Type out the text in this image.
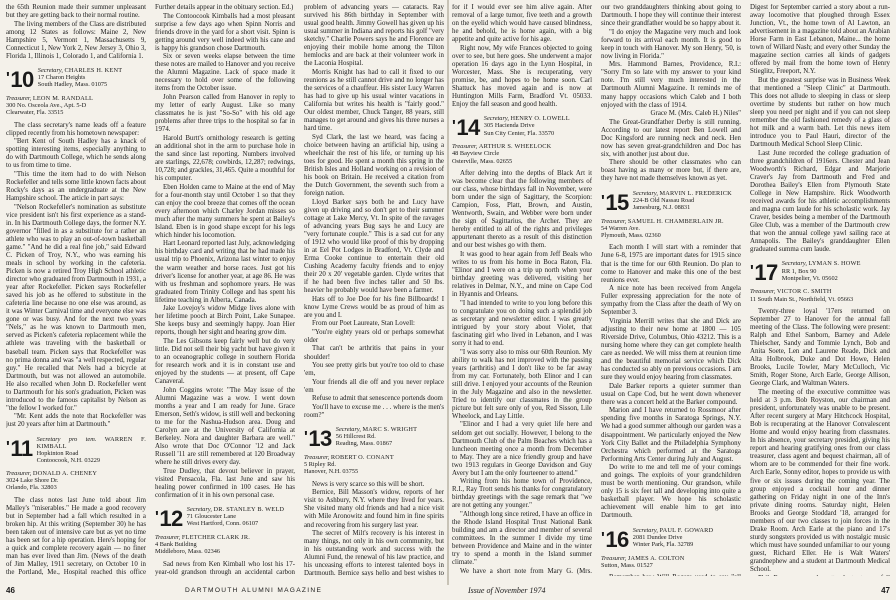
the 65th Reunion made their summer unpleasant but they are getting back to their normal routine.

The living members of the Class are distributed among 12 States as follows: Maine 2, New Hampshire 5, Vermont 1, Massachusetts 9, Connecticut 1, New York 2, New Jersey 3, Ohio 3, Florida 1, Illinois 1, Colorado 1, and California 1.

'10 Secretary, CHARLES H. KENT
17 Charon Heights
South Hadley, Mass. 01075
Treasurer, LEON M. RANDALL
300 No. Osceola Ave., Apt. 5-D
Clearwater, Fla. 33515

The class secretary's name leads off a feature clipped recently from his hometown newspaper:

"Bert Kent of South Hadley has a knack of spotting interesting items, especially anything to do with Dartmouth College, which he sends along to us from time to time.

"This time the item had to do with Nelson Rockefeller and tells some little known facts about Rocky's days as an undergraduate at the New Hampshire school. The article in part says:

"Nelson Rockefeller's nomination as substitute vice president isn't his first experience as a stand-in. In his Dartmouth College days, the former N.Y. governor "filled in as a substitute for a rather an athlete who was to play an out-of-town basketball game." "And he did a real fine job," said Edward C. Picken of Troy, N.Y., who was earning his meals in school by working in the cafeteria. Picken is now a retired Troy High School athletic director who graduated from Dartmouth in 1931, a year after Rockefeller. Picken says Rockefeller saved his job as he offered to substitute in the cafeteria line because no one else was around, as it was Winter Carnival time and everyone else was gone or was busy. And for the next two years "Nels," as he was known to Dartmouth men, served as Picken's cafeteria replacement while the athlete was traveling with the basketball or baseball team. Picken says that Rockefeller was no prima donna and was "a well respected, regular guy." He recalled that Nels had a bicycle at Dartmouth, but was not allowed an automobile. He also recalled when John D. Rockefeller went to Dartmouth for his son's graduation, Picken was introduced to the famous capitalist by Nelson as "the fellow I worked for."

"Mr. Kent adds the note that Rockefeller was just 20 years after him at Dartmouth."

'11 Secretary pro tem. WARREN F. KIMBALL
Hopkinton Road
Contoocook, N.H. 03229
Treasurer, DONALD A. CHENEY
3024 Lake Shore Dr.
Orlando, Fla. 32803

The class notes last June told about Jim Malley's "miserables." He made a good recovery but in September had a fall which resulted in a broken hip. At this writing (September 30) he has been taken out of intensive care but as yet no time has been set for a hip operation. Here's hoping for a quick and complete recovery again — no finer man has ever lived than Jim. (News of the death of Jim Malley, 1911 secretary, on October 10 in the Portland, Me., Hospital reached this office

Further details appear in the obituary section. Ed.)

The Contoocook Kimballs had a most pleasant surprise a few days ago when Spinn Norris and friends drove in the yard for a short visit. Spinn is getting around very well indeed with his cane and is happy his grandson chose Dartmouth.

Six or seven weeks elapse between the time these notes are mailed to Hanover and you receive the Alumni Magazine. Lack of space made it necessary to hold over some of the following items from the October issue.

John Pearson called from Hanover in reply to my letter of early August. Like so many classmates he is just "So-So" with his old age problems after three trips to the hospital so far in 1974.

Harold Burtt's ornithology research is getting an additional shot in the arm to purchase hole in the sand since last reporting. Numbers involved are starlings, 22,678; cowbirds, 12,287; redwings, 10,728; and grackles, 31,465. Quite a mouthful for his computer.

Eben Holden came to Maine at the end of May for a four-month stay until October 1 so that they can enjoy the cool breeze that comes off the ocean every afternoon which Charley Jordan misses so much after the many summers he spent at Bailey's Island. Eben is in good shape except for his legs which hinder his locomotion.

Hart Leonard reported last July, acknowledging his birthday card and writing that he had made his usual trip to Phoenix, Arizona last winter to enjoy the warm weather and horse races. Just got his driver's license for another year, at age 86. He was with us freshman and sophomore years. He was graduated from Trinity College and has spent his lifetime teaching in Alberta, Canada.

Jake Lovejoy's widow Midge lives alone with her lifetime pooch at Birch Point, Lake Sunapee. She keeps busy and seemingly happy. Joan Hier reports, though her sight and hearing grow dim.

The Les Gibsons keep fairly well but do very little. Did not sell their big yacht but have given it to an oceanographic college in southern Florida for research work and it is in constant use and enjoyed by the students — at present, off Cape Canaveral.

John Coggins wrote: "The May issue of the Alumni Magazine was a wow. I went down months a year and I am ready for June. Grace Emerson, Seth's widow, is still well and beckoning to me for the Nashua-Hudson area. Doug and Carolyn are at the University of California at Berkeley. Nora and daughter Barbara are well." Also wrote that Doc O'Connor '12 and Jack Russell '11 are still remembered at 120 Broadway where he still drives every day.

True Dudley, that devout believer in prayer, visited Pensacola, Fla. last June and saw his healing power confirmed in 100 cases. He has confirmation of it in his own personal case.

'12 Secretary, DR. STANLEY B. WELD
71 Gloucester Lane
West Hartford, Conn. 06107
Treasurer, FLETCHER CLARK JR.
4 Bank Building
Middleboro, Mass. 02346

Sad news from Ken Kimball who lost his 17-year-old grandson through an accidental carbon

problem of advancing years — cataracts. Ray survived his 86th birthday in September with usual good health. Jimmy Gowell has given up his usual summer in Indiana and reports his golf "very sketchy." Charlie Powers says he and Florence are enjoying their mobile home among the Tilton hemlocks and are back at their volunteer work in the Laconia Hospital.

Morris Knight has had to call it fixed to our reunions as he still cannot drive and no longer has the services of a chauffeur. His sister Lucy Warren has had to give up his usual winter vacations in California but writes his health is "fairly good." Our oldest member, Chuck Tanger, 88 years, still manages to get around and gives his three nurses a hard time.

Syd Clark, the last we heard, was facing a choice between having an artificial hip, using a wheelchair the rest of his life, or turning up his toes for good. He spent a month this spring in the British Isles and Holland working on a revision of his book on Britain. He received a citation from the Dutch Government, the seventh such from a foreign nation.

Lloyd Barker says both he and Lucy have given up driving and so don't get to their summer cottage at Lake Mercy, Vt. In spite of the ravages of advancing years Bug says he and Lucy are "very fortunate couple." This is a sad cut for any of 1912 who would like proof of this by dropping in at Eel Pot Lodges in Bradford, Vt. Clyde and Erma Cooke continue to entertain their old Cushing Academy faculty friends and to enjoy their 20 x 20' vegetable garden. Clyde writes that if he had been five inches taller and 50 lbs. heavier he probably would have been a farmer.

Hats off to Joe Doe for his fine Billboards! I know Lyme Crews would be as proud of him as are you and I.

From our Poet Laureate, Stan Lovell:

"You're eighty years old or perhaps somewhat older

That can't be arthritis that pains in your shoulder!

You see pretty girls but you're too old to chase 'em,

Your friends all die off and you never replace 'em

Refuse to admit that senescence portends doom

You'll have to excuse me . . . where is the men's room?"

'13 Secretary, MARC S. WRIGHT
56 Hillcrest Rd.
Reading, Mass. 01867
Treasurer, ROBERT O. CONANT
5 Ripley Rd.
Hanover, N.H. 03755

News is very scarce so this will be short.

Bernice, Bill Masson's widow, reports of her visit to Ashbury, N.Y. where they lived for years. She visited many old friends and had a nice visit with Mile Aronowitz and found him in fine spirits and recovering from his surgery last year.

The secret of Milt's recovery is his interest in many things, not only in his own community, but in his outstanding work and success with the Alumni Fund, the renewal of his law practice, and his unceasing efforts to interest talented boys in Dartmouth. Bernice says hello and best wishes to

for if I would ever see him alive again. After removal of a large tumor, five teeth and a growth on the eyelid which would have caused blindness, he and behold, he is home again, with a big appetite and quite active for his age.

Right now, My wife Frances objected to going over to see, but here goes. She underwent a major operation 16 days ago in the Lynn Hospital, in Worcester, Mass. She is recuperating, very promise, be, and hopes to be home soon. Carl Shattuck has moved again and is now at Huntington Mills Farm, Bradford Vt. 05033. Enjoy the fall season and good health.

'14 Secretary, HENRY O. LOWELL
305 Hacienda Drive
Sun City Center, Fla. 33570
Treasurer, ARTHUR S. WHEELOCK
48 Bayview Circle
Osterville, Mass. 02655

After delving into the depths of Black Art it was become clear that the following members of our class, whose birthdays fall in November, were born under the sign of Sagittary, the Scorpion: Campion, Foss, Platt, Brown, and Austin, Wentworth, Swain, and Webber were born under the sign of Sagittarius, the Archer. They are hereby entitled to all of the rights and privileges appurtenant thereto as a result of this distinction and our best wishes go with them.

It was good to hear again from Jeff Beals who writes to us from his home in Boca Raton, Fla. "Elinor and I were on a trip up north when your birthday greeting was delivered, visiting her relatives in Delmar, N.Y., and mine on Cape Cod in Hyannis and Orleans.

"I had intended to write to you long before this to congratulate you on doing such a splendid job as secretary and newsletter editor. I was greatly intrigued by your story about Violet, that fascinating girl who lived in Lebanon, and I was sorry it had to end.

"I was sorry also to miss our 60th Reunion. My ability to walk has not improved with the passing years (arthritis) and I don't like to be far away from my car. Fortunately, both Elinor and I can still drive. I enjoyed your accounts of the Reunion in the July Magazine and also in the newsletter. Tried to identify our classmates in the group picture but felt sure only of you, Red Sisson, Lile Wheelock, and Lay Little.

"Elinor and I had a very quiet life here and seldom get out socially. However, I belong to the Dartmouth Club of the Palm Beaches which has a luncheon meeting once a month from December to May. They are a nice friendly group and have two 1913 regulars in George Davidson and Guy Avery but I am the only fourteener to attend."

Writing from his home town of Providence, R.I., Ray Trott sends his thanks for congratulatory birthday greetings with the sage remark that "we are not getting any younger."

"Although long since retired, I have an office in the Rhode Island Hospital Trust National Bank building and am a director and member of several committees. In the summer I divide my time between Providence and Maine and in the winter try to spend a month in the Island summer climate."

We have a short note from Mary G. (Mrs.

our two granddaughters thinking about going to Dartmouth. I hope they will continue their interest since their grandfather would be so happy about it.

"I do enjoy the Magazine very much and look forward to its arrival each month. It is good to keep in touch with Hanover. My son Henry, '50, is now living in Florida."

Mrs. Hammond Barnes, Providence, R.I.: "Sorry I'm so late with my answer to your kind note. I'm still very much interested in the Dartmouth Alumni Magazine. It reminds me of many happy occasions which Caleb and I both enjoyed with the class of 1914.

Grace M. (Mrs. Caleb H.) Niles"

The Great-Grandfather Derby is still running. According to our latest report Ben Lowell and Doc Kingsford are running neck and neck. Hen now has seven great-grandchildren and Doc has six, with another just about due.

There should be other classmates who can boast having as many or more but, if there are, they have not made themselves known as yet.

'15 Secretary, MARVIN L. FREDERICK
224-B Old Nassau Road
Jamesburg, N.J. 08831
Treasurer, SAMUEL H. CHAMBERLAIN JR.
54 Warren Ave.
Plymouth, Mass. 02360

Each month I will start with a reminder that June 6-8, 1975 are important dates for 1915 since that is the time for our 60th Reunion. Do plan to come to Hanover and make this one of the best reunions ever.

A nice note has been received from Angela Fuller expressing appreciation for the note of sympathy from the Class after the death of Wy on September 3.

Virginia Merrill writes that she and Dick are adjusting to their new home at 1800 — 105 Riverside Drive, Columbus, Ohio 43212. This is a nursing home where they can get complete health care as needed. We will miss them at reunion time and the beautiful memorial service which Dick has conducted so ably on previous occasions. I am sure they would enjoy hearing from classmates.

Dale Barker reports a quieter summer than usual on Cape Cod, but he went down whenever there was a concert held at the Barker compound.

Marion and I have returned to Rossmoor after spending five months in Saratoga Springs, N.Y. We had a good summer although our garden was a disappointment. We particularly enjoyed the New York City Ballet and the Philadelphia Symphony Orchestra which performed at the Saratoga Performing Arts Center during July and August.

Do write to me and tell me of your comings and goings. The exploits of your grandchildren must be worth mentioning. Our grandson, while only 15 is six feet tall and developing into quite a basketball player. We hope his scholastic achievement will enable him to get into Dartmouth.

'16 Secretary, PAUL F. GOWARD
2081 Dundee Drive
Winter Park, Fla. 32789
Treasurer, JAMES A. COLTON
Sutton, Mass. 01527

Digest for September carried a story about a run-away locomotive that ploughed through Essex Junction, Vt., the home town of Al Lawton, an advertisement in a magazine told about an Arabian Horse Farm in East Lebanon, Maine... the home town of Willard Nash; and every other Sunday the magazine section carries all kinds of gadgets offered by mail from the home town of Henry Stieglitz, Freeport, N.Y.

But the greatest surprise was in Business Week that mentioned a "Sleep Clinic" at Dartmouth. This does not allude to sleeping in class or sleep overtime by students but rather on how much sleep you need per night and if you can not sleep remember the old fashioned remedy of a glass of hot milk and a warm bath. Let this news item introduce you to Paul Hauri, director of the Dartmouth Medical School Sleep Clinic.

Last June recorded the college graduation of three grandchildren of 1916ers. Chester and Jean Woodworth's Richard, Edgar and Marjorie Craver's Jay from Dartmouth and Fred and Dorothea Bailey's Ellen from Plymouth State College in New Hampshire. Rick Woodworth received awards for his athletic accomplishments and magna cum laude for his scholastic work. Jay Craver, besides being a member of the Dartmouth Glee Club, was a member of the Dartmouth crew that won the annual college yawl sailing race at Annapolis. The Bailey's granddaughter Ellen graduated summa cum laude.

'17 Secretary, LYMAN S. HOWE
RR 1, Box 90
Montpelier, Vt. 05602
Treasurer, VICTOR C. SMITH
11 South Main St., Northfield, Vt. 05663

Twenty-three loyal '17ers returned on September 27 to Hanover for the annual fall meeting of the Class. The following were present: Ralph and Ethel Sanborn, Barney and Adele Thielscher, Sandy and Tommie Lynch, Bob and Anita Soete, Len and Laurene Reade, Dick and Alta Holbrook, Duke and Dot Howe, Helen Brooks, Lucile Towler, Mary McCulloch, Vic Smith, Roger Stone, Arch Earle, George Allison, George Clark, and Waltman Waters.

The meeting of the executive committee was held at 3 p.m. Bob Royston, our chairman and president, unfortunately was unable to be present. After recent surgery at Mary Hitchcock Hospital, Bob is recuperating at the Hanover Convalescent Home and would enjoy hearing from classmates. In his absence, your secretary presided, giving his report and hearing gratifying ones from our class treasurer, class agent and bequest chairman, all of whom are to be commended for their fine work. Arch Earle, Sonny editor, hopes to provide us with five or six issues during the coming year. The group enjoyed a cocktail hour and dinner gathering on Friday night in one of the Inn's private dining rooms. Saturday night, Helen Brooks and George Stoddard '18, arranged for members of our two classes to join forces in the Drake Room. Arch Earle at the piano and 17's sturdy songsters provided us with nostalgic music which must have sounded unfamiliar to our young guest, Richard Eller. He is Walt Waters' grandnephew and a student at Dartmouth Medical School.

46	DARTMOUTH ALUMNI MAGAZINE	Issue of November 1974	47
